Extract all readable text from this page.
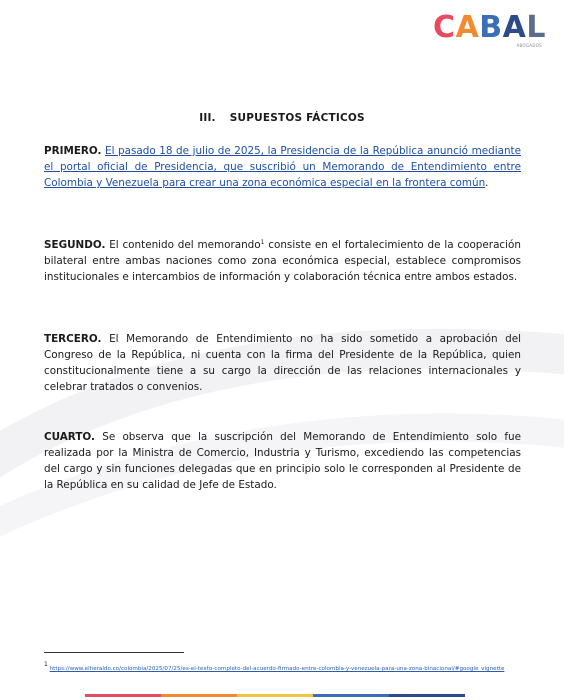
CABAL
ABOGADOS
III. SUPUESTOS FÁCTICOS
PRIMERO. El pasado 18 de julio de 2025, la Presidencia de la República anunció mediante el portal oficial de Presidencia, que suscribió un Memorando de Entendimiento entre Colombia y Venezuela para crear una zona económica especial en la frontera común.
SEGUNDO. El contenido del memorando$^1$ consiste en el fortalecimiento de la cooperación bilateral entre ambas naciones como zona económica especial, establece compromisos institucionales e intercambios de información y colaboración técnica entre ambos estados.
TERCERO. El Memorando de Entendimiento no ha sido sometido a aprobación del Congreso de la República, ni cuenta con la firma del Presidente de la República, quien constitucionalmente tiene a su cargo la dirección de las relaciones internacionales y celebrar tratados o convenios.
CUARTO. Se observa que la suscripción del Memorando de Entendimiento solo fue realizada por la Ministra de Comercio, Industria y Turismo, excediendo las competencias del cargo y sin funciones delegadas que en principio solo le corresponden al Presidente de la República en su calidad de Jefe de Estado.
$^1$ https://www.elheraldo.co/colombia/2025/07/25/es-el-texto-completo-del-acuerdo-firmado-entre-colombia-y-venezuela-para-una-zona-binacional/#google_vignette
